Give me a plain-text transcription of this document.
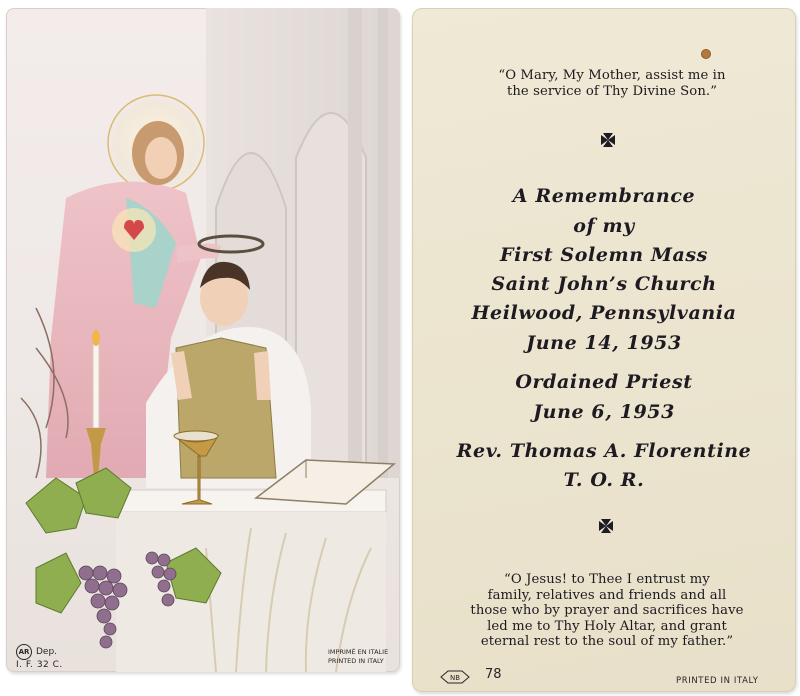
AR Dep.
I. F. 32 C.
IMPRIMÉ EN ITALIE
PRINTED IN ITALY
“O Mary, My Mother, assist me in
the service of Thy Divine Son.”
A Remembrance
of my
First Solemn Mass
Saint John’s Church
Heilwood, Pennsylvania
June 14, 1953
Ordained Priest
June 6, 1953
Rev. Thomas A. Florentine
T. O. R.
“O Jesus! to Thee I entrust my
family, relatives and friends and all
those who by prayer and sacrifices have
led me to Thy Holy Altar, and grant
eternal rest to the soul of my father.”
NB 78	PRINTED IN ITALY
